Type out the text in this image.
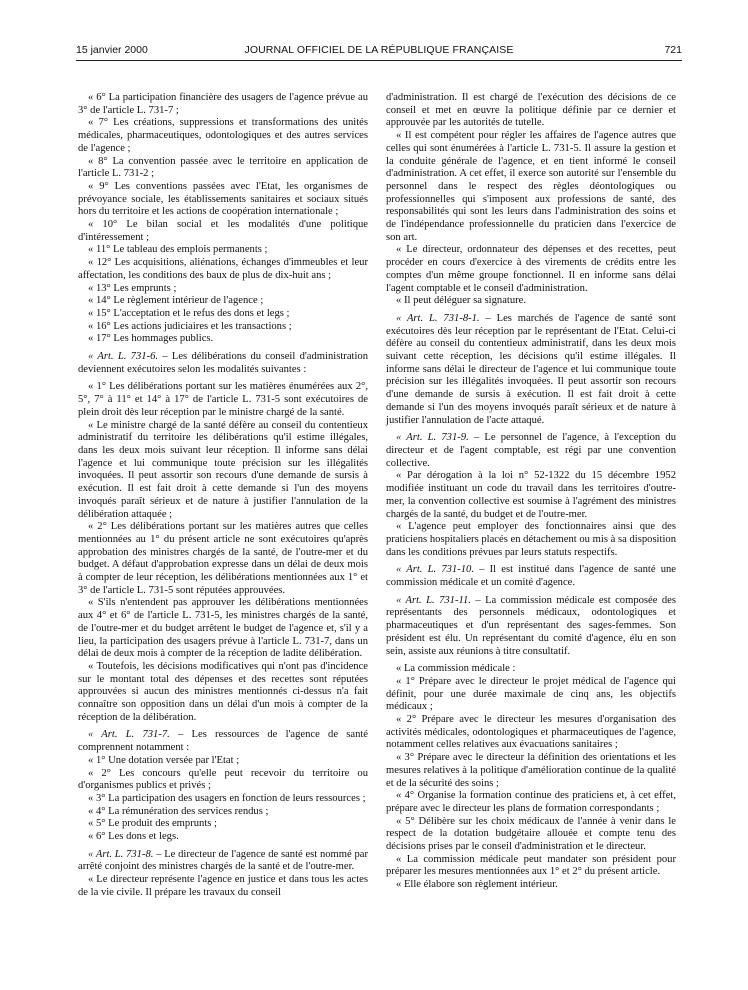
15 janvier 2000	JOURNAL OFFICIEL DE LA RÉPUBLIQUE FRANÇAISE	721

« 6° La participation financière des usagers de l'agence prévue au 3° de l'article L. 731-7 ;

« 7° Les créations, suppressions et transformations des unités médicales, pharmaceutiques, odontologiques et des autres services de l'agence ;

« 8° La convention passée avec le territoire en application de l'article L. 731-2 ;

« 9° Les conventions passées avec l'Etat, les organismes de prévoyance sociale, les établissements sanitaires et sociaux situés hors du territoire et les actions de coopération internationale ;

« 10° Le bilan social et les modalités d'une politique d'intéressement ;

« 11° Le tableau des emplois permanents ;

« 12° Les acquisitions, aliénations, échanges d'immeubles et leur affectation, les conditions des baux de plus de dix-huit ans ;

« 13° Les emprunts ;

« 14° Le règlement intérieur de l'agence ;

« 15° L'acceptation et le refus des dons et legs ;

« 16° Les actions judiciaires et les transactions ;

« 17° Les hommages publics.

« Art. L. 731-6. – Les délibérations du conseil d'administration deviennent exécutoires selon les modalités suivantes :

« 1° Les délibérations portant sur les matières énumérées aux 2°, 5°, 7° à 11° et 14° à 17° de l'article L. 731-5 sont exécutoires de plein droit dès leur réception par le ministre chargé de la santé.

« Le ministre chargé de la santé défère au conseil du contentieux administratif du territoire les délibérations qu'il estime illégales, dans les deux mois suivant leur réception. Il informe sans délai l'agence et lui communique toute précision sur les illégalités invoquées. Il peut assortir son recours d'une demande de sursis à exécution. Il est fait droit à cette demande si l'un des moyens invoqués paraît sérieux et de nature à justifier l'annulation de la délibération attaquée ;

« 2° Les délibérations portant sur les matières autres que celles mentionnées au 1° du présent article ne sont exécutoires qu'après approbation des ministres chargés de la santé, de l'outre-mer et du budget. A défaut d'approbation expresse dans un délai de deux mois à compter de leur réception, les délibérations mentionnées aux 1° et 3° de l'article L. 731-5 sont réputées approuvées.

« S'ils n'entendent pas approuver les délibérations mentionnées aux 4° et 6° de l'article L. 731-5, les ministres chargés de la santé, de l'outre-mer et du budget arrêtent le budget de l'agence et, s'il y a lieu, la participation des usagers prévue à l'article L. 731-7, dans un délai de deux mois à compter de la réception de ladite délibération.

« Toutefois, les décisions modificatives qui n'ont pas d'incidence sur le montant total des dépenses et des recettes sont réputées approuvées si aucun des ministres mentionnés ci-dessus n'a fait connaître son opposition dans un délai d'un mois à compter de la réception de la délibération.

« Art. L. 731-7. – Les ressources de l'agence de santé comprennent notamment :

« 1° Une dotation versée par l'Etat ;

« 2° Les concours qu'elle peut recevoir du territoire ou d'organismes publics et privés ;

« 3° La participation des usagers en fonction de leurs ressources ;

« 4° La rémunération des services rendus ;

« 5° Le produit des emprunts ;

« 6° Les dons et legs.

« Art. L. 731-8. – Le directeur de l'agence de santé est nommé par arrêté conjoint des ministres chargés de la santé et de l'outre-mer.

« Le directeur représente l'agence en justice et dans tous les actes de la vie civile. Il prépare les travaux du conseil

d'administration. Il est chargé de l'exécution des décisions de ce conseil et met en œuvre la politique définie par ce dernier et approuvée par les autorités de tutelle.

« Il est compétent pour régler les affaires de l'agence autres que celles qui sont énumérées à l'article L. 731-5. Il assure la gestion et la conduite générale de l'agence, et en tient informé le conseil d'administration. A cet effet, il exerce son autorité sur l'ensemble du personnel dans le respect des règles déontologiques ou professionnelles qui s'imposent aux professions de santé, des responsabilités qui sont les leurs dans l'administration des soins et de l'indépendance professionnelle du praticien dans l'exercice de son art.

« Le directeur, ordonnateur des dépenses et des recettes, peut procéder en cours d'exercice à des virements de crédits entre les comptes d'un même groupe fonctionnel. Il en informe sans délai l'agent comptable et le conseil d'administration.

« Il peut déléguer sa signature.

« Art. L. 731-8-1. – Les marchés de l'agence de santé sont exécutoires dès leur réception par le représentant de l'Etat. Celui-ci défère au conseil du contentieux administratif, dans les deux mois suivant cette réception, les décisions qu'il estime illégales. Il informe sans délai le directeur de l'agence et lui communique toute précision sur les illégalités invoquées. Il peut assortir son recours d'une demande de sursis à exécution. Il est fait droit à cette demande si l'un des moyens invoqués paraît sérieux et de nature à justifier l'annulation de l'acte attaqué.

« Art. L. 731-9. – Le personnel de l'agence, à l'exception du directeur et de l'agent comptable, est régi par une convention collective.

« Par dérogation à la loi n° 52-1322 du 15 décembre 1952 modifiée instituant un code du travail dans les territoires d'outre-mer, la convention collective est soumise à l'agrément des ministres chargés de la santé, du budget et de l'outre-mer.

« L'agence peut employer des fonctionnaires ainsi que des praticiens hospitaliers placés en détachement ou mis à sa disposition dans les conditions prévues par leurs statuts respectifs.

« Art. L. 731-10. – Il est institué dans l'agence de santé une commission médicale et un comité d'agence.

« Art. L. 731-11. – La commission médicale est composée des représentants des personnels médicaux, odontologiques et pharmaceutiques et d'un représentant des sages-femmes. Son président est élu. Un représentant du comité d'agence, élu en son sein, assiste aux réunions à titre consultatif.

« La commission médicale :

« 1° Prépare avec le directeur le projet médical de l'agence qui définit, pour une durée maximale de cinq ans, les objectifs médicaux ;

« 2° Prépare avec le directeur les mesures d'organisation des activités médicales, odontologiques et pharmaceutiques de l'agence, notamment celles relatives aux évacuations sanitaires ;

« 3° Prépare avec le directeur la définition des orientations et les mesures relatives à la politique d'amélioration continue de la qualité et de la sécurité des soins ;

« 4° Organise la formation continue des praticiens et, à cet effet, prépare avec le directeur les plans de formation correspondants ;

« 5° Délibère sur les choix médicaux de l'année à venir dans le respect de la dotation budgétaire allouée et compte tenu des décisions prises par le conseil d'administration et le directeur.

« La commission médicale peut mandater son président pour préparer les mesures mentionnées aux 1° et 2° du présent article.

« Elle élabore son règlement intérieur.
